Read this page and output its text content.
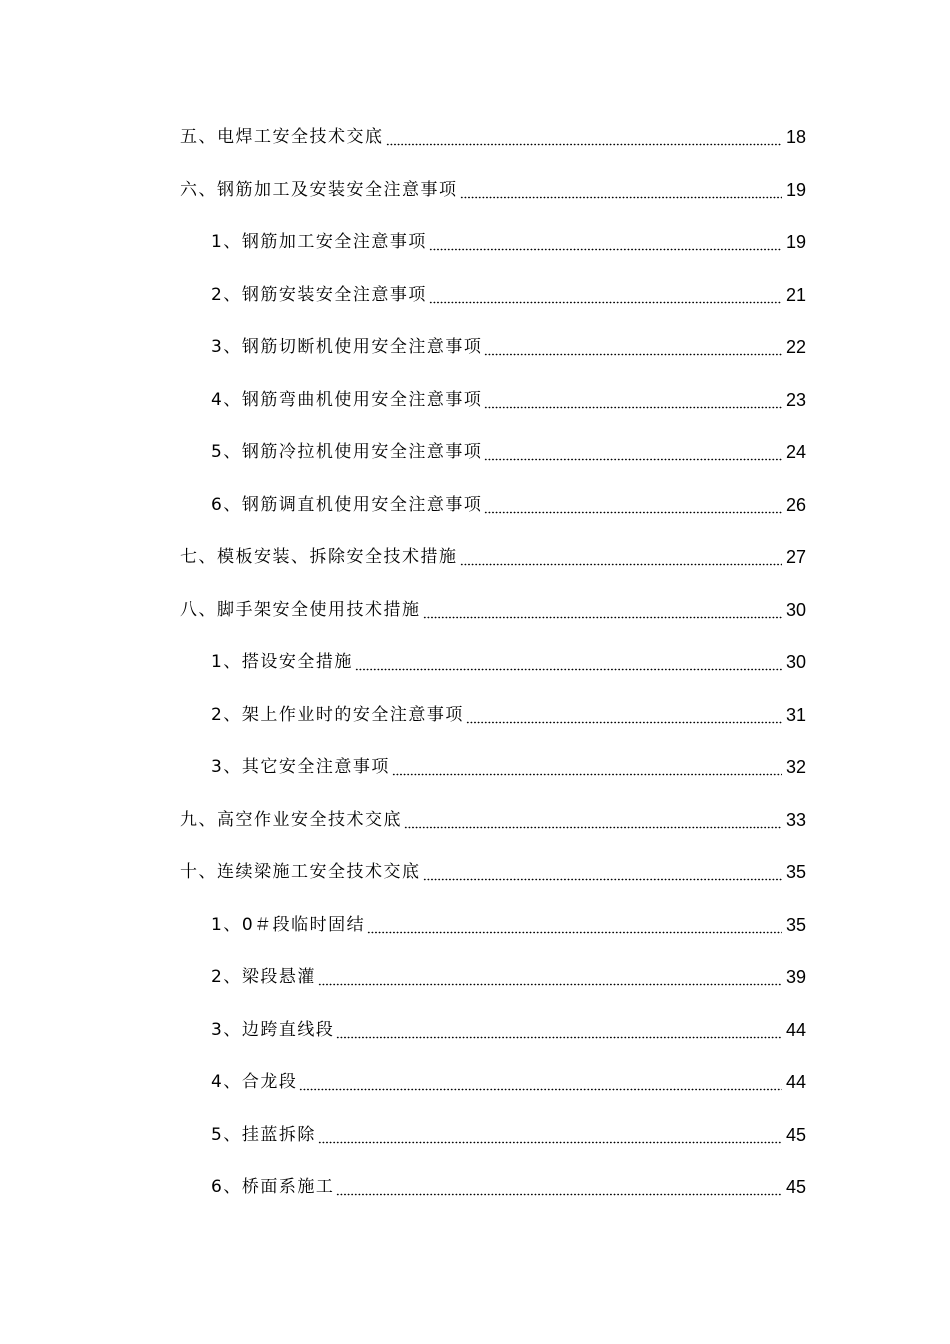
五、电焊工安全技术交底	18
六、钢筋加工及安装安全注意事项	19
1、钢筋加工安全注意事项	19
2、钢筋安装安全注意事项	21
3、钢筋切断机使用安全注意事项	22
4、钢筋弯曲机使用安全注意事项	23
5、钢筋冷拉机使用安全注意事项	24
6、钢筋调直机使用安全注意事项	26
七、模板安装、拆除安全技术措施	27
八、脚手架安全使用技术措施	30
1、搭设安全措施	30
2、架上作业时的安全注意事项	31
3、其它安全注意事项	32
九、高空作业安全技术交底	33
十、连续梁施工安全技术交底	35
1、0＃段临时固结	35
2、梁段悬灌	39
3、边跨直线段	44
4、合龙段	44
5、挂蓝拆除	45
6、桥面系施工	45
